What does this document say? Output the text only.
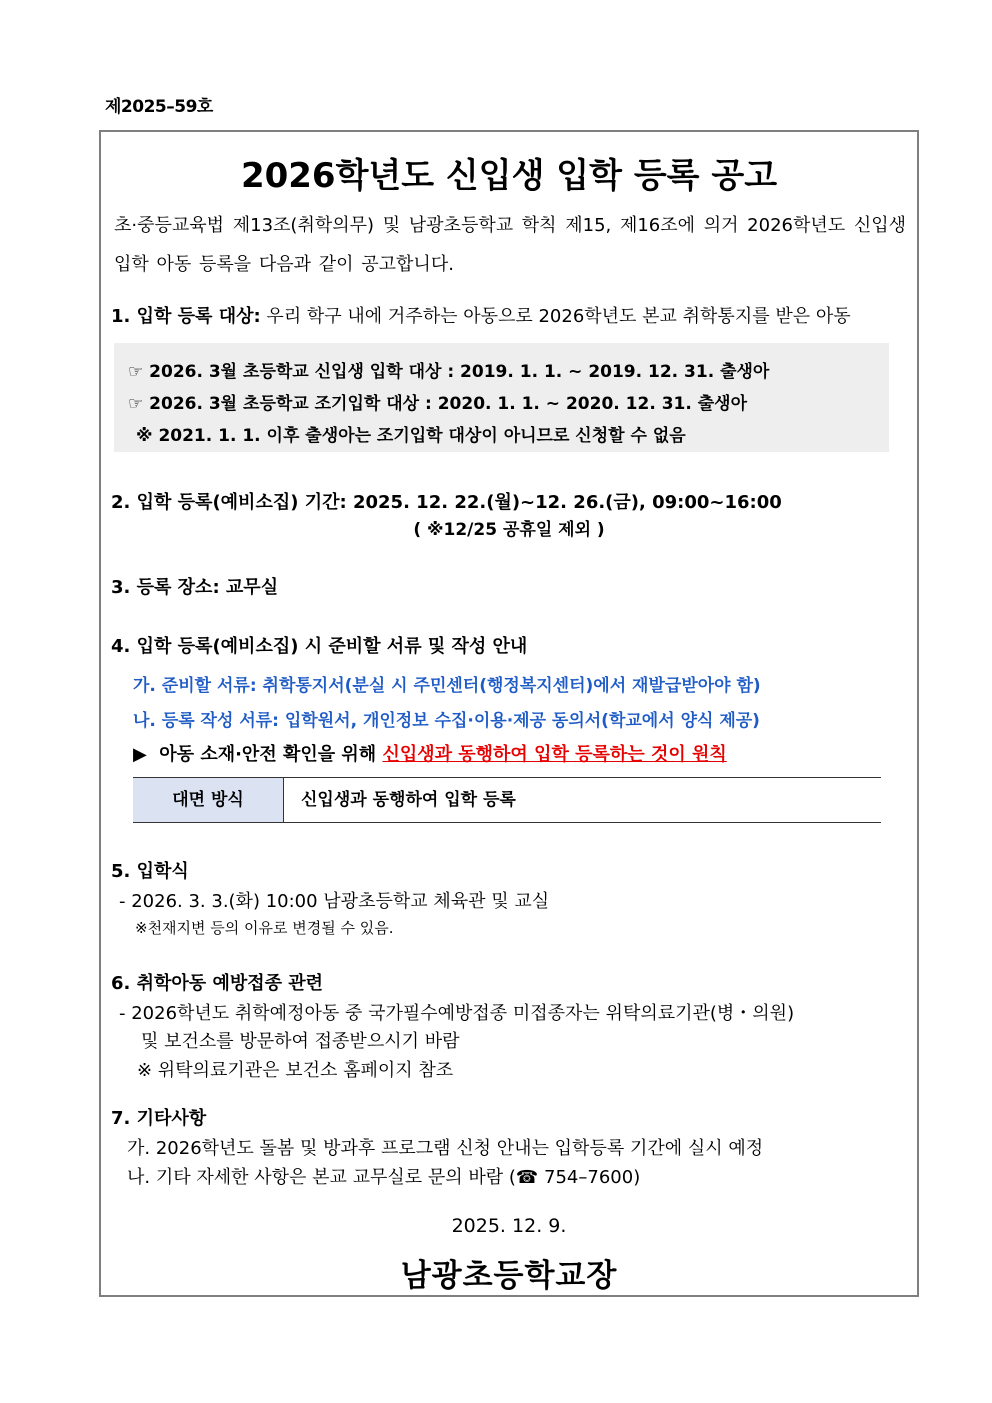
제2025–59호
2026학년도 신입생 입학 등록 공고
초·중등교육법 제13조(취학의무) 및 남광초등학교 학칙 제15, 제16조에 의거 2026학년도 신입생 입학 아동 등록을 다음과 같이 공고합니다.
1. 입학 등록 대상: 우리 학구 내에 거주하는 아동으로 2026학년도 본교 취학통지를 받은 아동
☞ 2026. 3월 초등학교 신입생 입학 대상 : 2019. 1. 1. ~ 2019. 12. 31. 출생아
☞ 2026. 3월 초등학교 조기입학 대상 : 2020. 1. 1. ~ 2020. 12. 31. 출생아
※ 2021. 1. 1. 이후 출생아는 조기입학 대상이 아니므로 신청할 수 없음
2. 입학 등록(예비소집) 기간: 2025. 12. 22.(월)~12. 26.(금), 09:00~16:00
( ※12/25 공휴일 제외 )
3. 등록 장소: 교무실
4. 입학 등록(예비소집) 시 준비할 서류 및 작성 안내
가. 준비할 서류: 취학통지서(분실 시 주민센터(행정복지센터)에서 재발급받아야 함)
나. 등록 작성 서류: 입학원서, 개인정보 수집·이용·제공 동의서(학교에서 양식 제공)
▶ 아동 소재·안전 확인을 위해 신입생과 동행하여 입학 등록하는 것이 원칙
대면 방식	신입생과 동행하여 입학 등록
5. 입학식
- 2026. 3. 3.(화) 10:00 남광초등학교 체육관 및 교실
※천재지변 등의 이유로 변경될 수 있음.
6. 취학아동 예방접종 관련
- 2026학년도 취학예정아동 중 국가필수예방접종 미접종자는 위탁의료기관(병・의원)
및 보건소를 방문하여 접종받으시기 바람
※ 위탁의료기관은 보건소 홈페이지 참조
7. 기타사항
가. 2026학년도 돌봄 및 방과후 프로그램 신청 안내는 입학등록 기간에 실시 예정
나. 기타 자세한 사항은 본교 교무실로 문의 바람 (☎ 754–7600)
2025. 12. 9.
남광초등학교장
